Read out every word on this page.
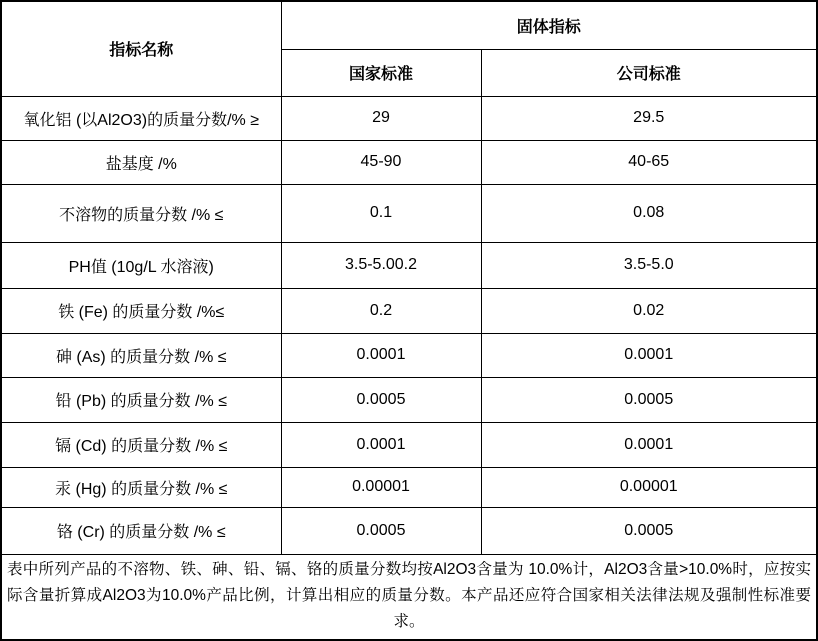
指标名称	固体指标	
	国家标准	公司标准
氧化铝 (以Al2O3)的质量分数/% ≥	29	29.5
盐基度 /%	45-90	40-65
不溶物的质量分数 /% ≤	0.1	0.08
PH值 (10g/L 水溶液)	3.5-5.00.2	3.5-5.0
铁 (Fe) 的质量分数 /%≤	0.2	0.02
砷 (As) 的质量分数 /% ≤	0.0001	0.0001
铅 (Pb) 的质量分数 /% ≤	0.0005	0.0005
镉 (Cd) 的质量分数 /% ≤	0.0001	0.0001
汞 (Hg) 的质量分数 /% ≤	0.00001	0.00001
铬 (Cr) 的质量分数 /% ≤	0.0005	0.0005
表中所列产品的不溶物、铁、砷、铅、镉、铬的质量分数均按Al2O3含量为 10.0%计，Al2O3含量>10.0%时，应按实际含量折算成Al2O3为10.0%产品比例，计算出相应的质量分数。本产品还应符合国家相关法律法规及强制性标准要求。		
